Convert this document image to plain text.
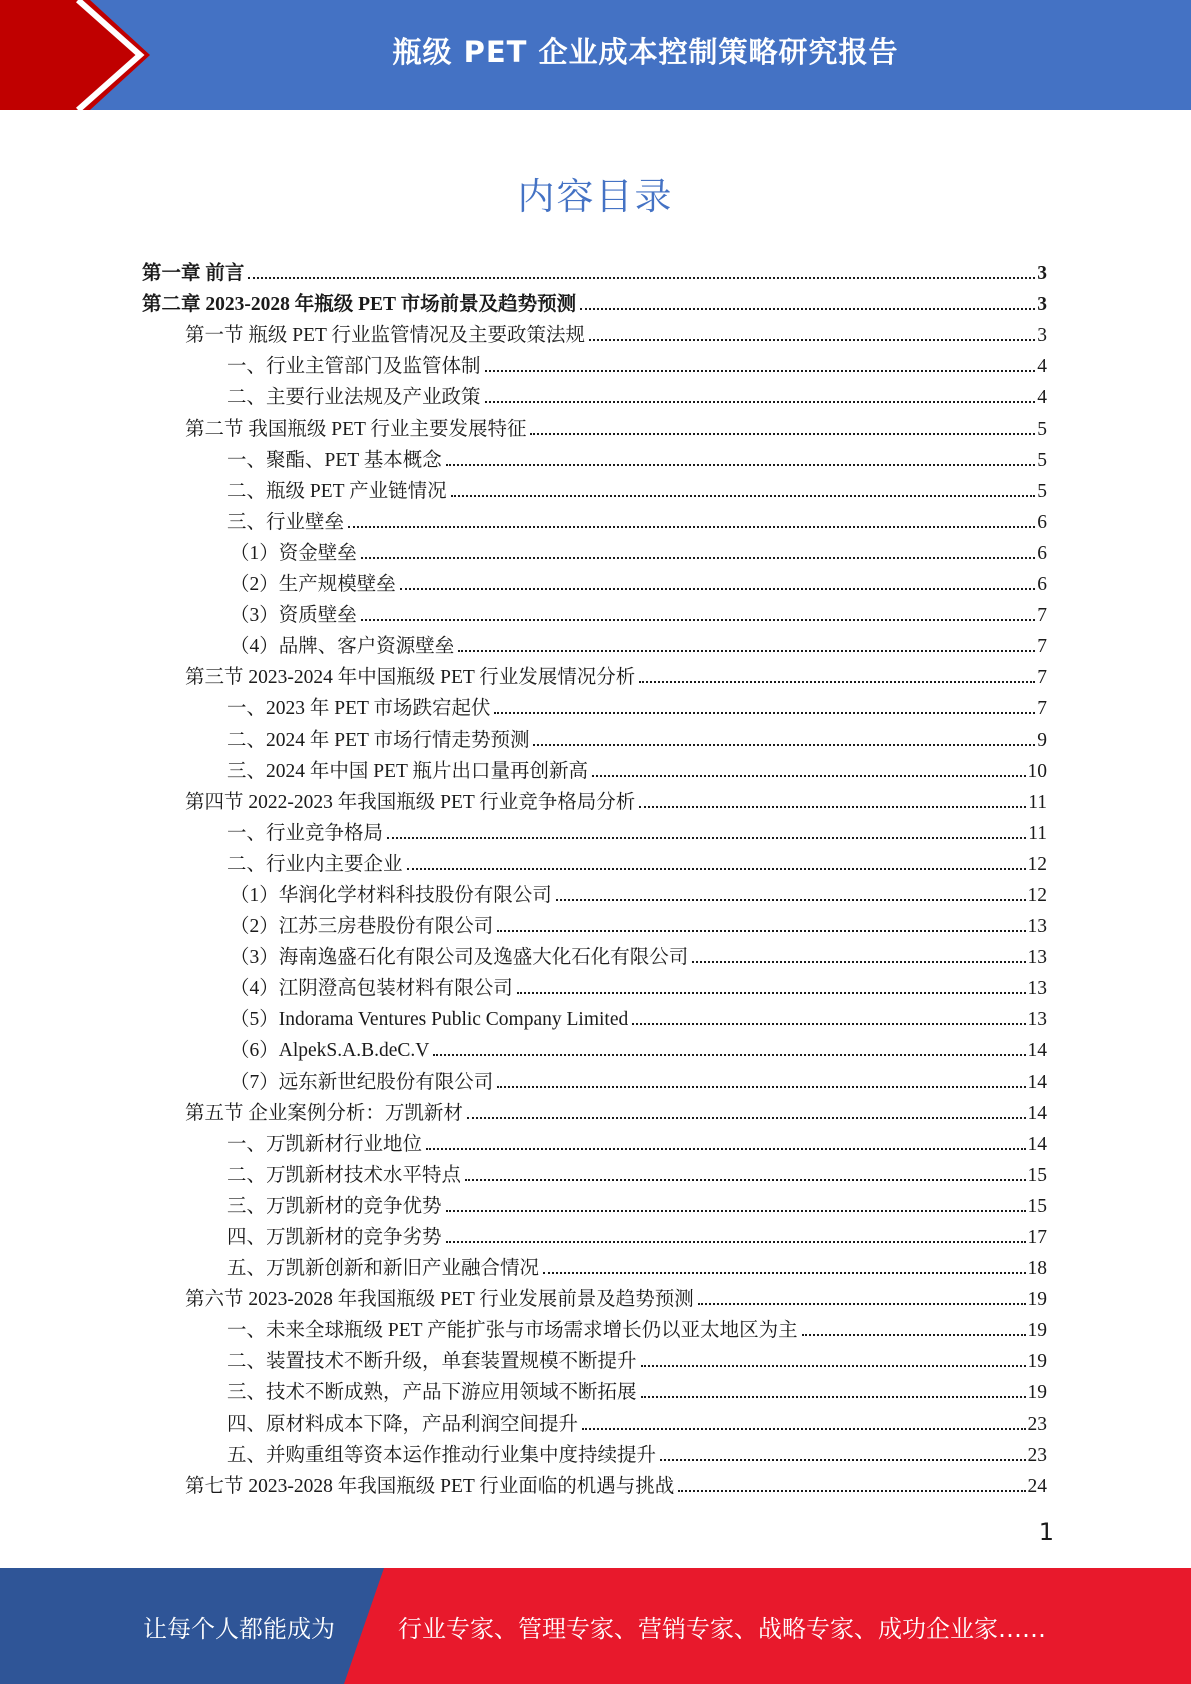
瓶级 PET 企业成本控制策略研究报告
内容目录
第一章 前言	3
第二章 2023-2028 年瓶级 PET 市场前景及趋势预测	3
第一节 瓶级 PET 行业监管情况及主要政策法规	3
一、行业主管部门及监管体制	4
二、主要行业法规及产业政策	4
第二节 我国瓶级 PET 行业主要发展特征	5
一、聚酯、PET 基本概念	5
二、瓶级 PET 产业链情况	5
三、行业壁垒	6
（1）资金壁垒	6
（2）生产规模壁垒	6
（3）资质壁垒	7
（4）品牌、客户资源壁垒	7
第三节 2023-2024 年中国瓶级 PET 行业发展情况分析	7
一、2023 年 PET 市场跌宕起伏	7
二、2024 年 PET 市场行情走势预测	9
三、2024 年中国 PET 瓶片出口量再创新高	10
第四节 2022-2023 年我国瓶级 PET 行业竞争格局分析	11
一、行业竞争格局	11
二、行业内主要企业	12
（1）华润化学材料科技股份有限公司	12
（2）江苏三房巷股份有限公司	13
（3）海南逸盛石化有限公司及逸盛大化石化有限公司	13
（4）江阴澄高包装材料有限公司	13
（5）Indorama Ventures Public Company Limited	13
（6）AlpekS.A.B.deC.V	14
（7）远东新世纪股份有限公司	14
第五节 企业案例分析：万凯新材	14
一、万凯新材行业地位	14
二、万凯新材技术水平特点	15
三、万凯新材的竞争优势	15
四、万凯新材的竞争劣势	17
五、万凯新创新和新旧产业融合情况	18
第六节 2023-2028 年我国瓶级 PET 行业发展前景及趋势预测	19
一、未来全球瓶级 PET 产能扩张与市场需求增长仍以亚太地区为主	19
二、装置技术不断升级，单套装置规模不断提升	19
三、技术不断成熟，产品下游应用领域不断拓展	19
四、原材料成本下降，产品利润空间提升	23
五、并购重组等资本运作推动行业集中度持续提升	23
第七节 2023-2028 年我国瓶级 PET 行业面临的机遇与挑战	24
1
让每个人都能成为	行业专家、管理专家、营销专家、战略专家、成功企业家……
